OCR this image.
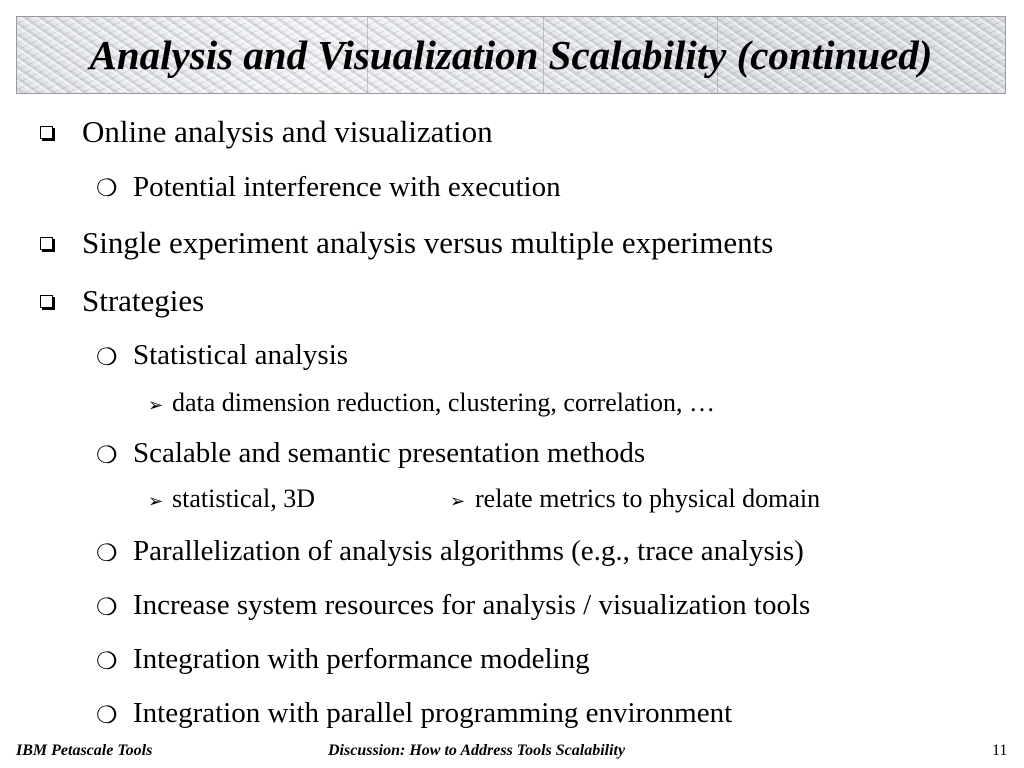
Analysis and Visualization Scalability (continued)
Online analysis and visualization
❍ Potential interference with execution
Single experiment analysis versus multiple experiments
Strategies
❍ Statistical analysis
➢ data dimension reduction, clustering, correlation, …
❍ Scalable and semantic presentation methods
➢ statistical, 3D	➢ relate metrics to physical domain
❍ Parallelization of analysis algorithms (e.g., trace analysis)
❍ Increase system resources for analysis / visualization tools
❍ Integration with performance modeling
❍ Integration with parallel programming environment
IBM Petascale Tools	Discussion: How to Address Tools Scalability	11
